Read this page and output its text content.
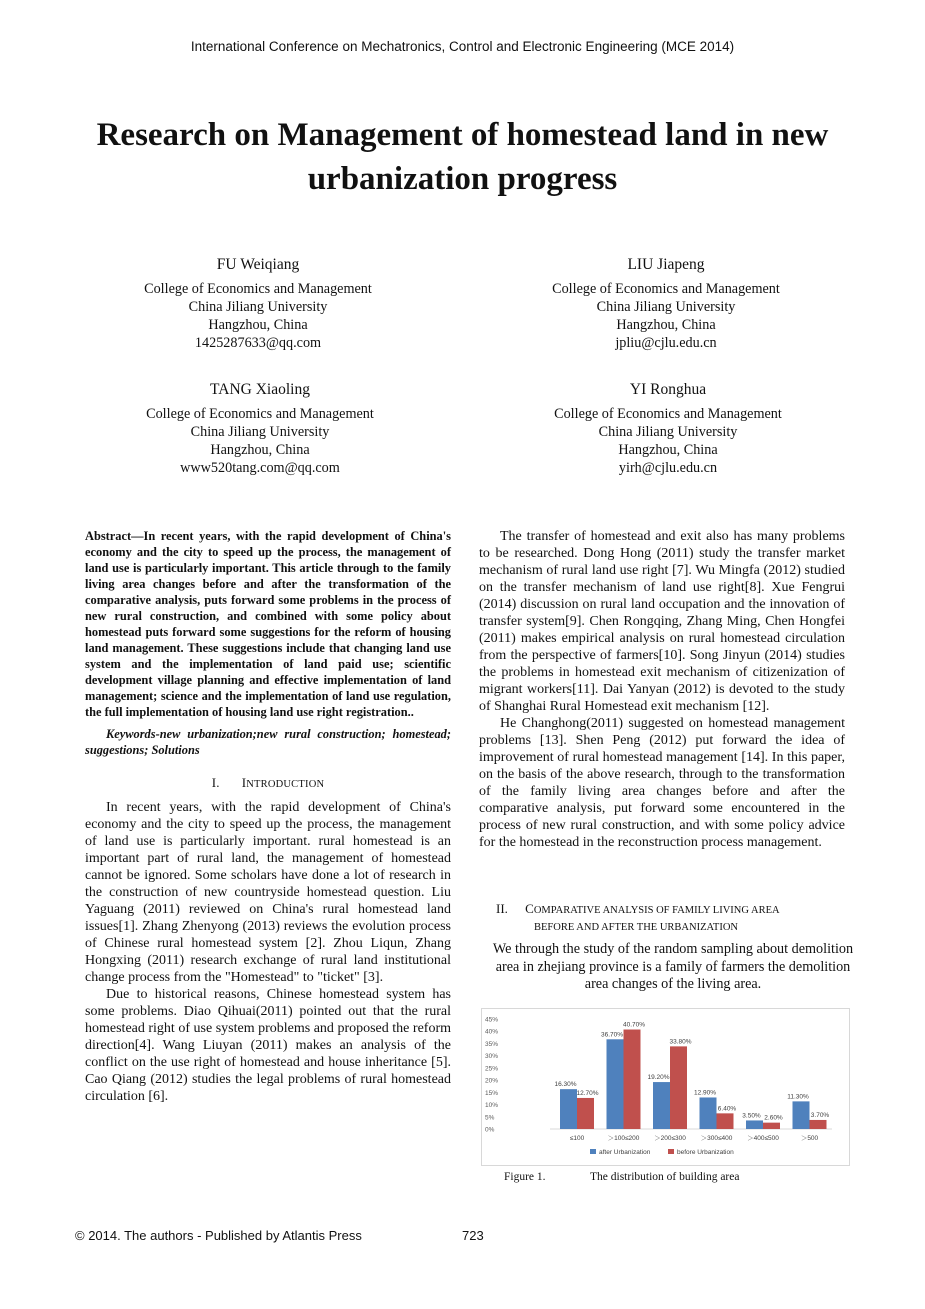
International Conference on Mechatronics, Control and Electronic Engineering (MCE 2014)
Research on Management of homestead land in new urbanization progress
FU Weiqiang
College of Economics and Management
China Jiliang University
Hangzhou, China
1425287633@qq.com
LIU Jiapeng
College of Economics and Management
China Jiliang University
Hangzhou, China
jpliu@cjlu.edu.cn
TANG Xiaoling
College of Economics and Management
China Jiliang University
Hangzhou, China
www520tang.com@qq.com
YI Ronghua
College of Economics and Management
China Jiliang University
Hangzhou, China
yirh@cjlu.edu.cn

Abstract—In recent years, with the rapid development of China's economy and the city to speed up the process, the management of land use is particularly important. This article through to the family living area changes before and after the transformation of the comparative analysis, puts forward some problems in the process of new rural construction, and combined with some policy about homestead puts forward some suggestions for the reform of housing land management. These suggestions include that changing land use system and the implementation of land paid use; scientific development village planning and effective implementation of land management; science and the implementation of land use regulation, the full implementation of housing land use right registration..

Keywords-new urbanization;new rural construction; homestead; suggestions; Solutions

I. INTRODUCTION

In recent years, with the rapid development of China's economy and the city to speed up the process, the management of land use is particularly important. rural homestead is an important part of rural land, the management of homestead cannot be ignored. Some scholars have done a lot of research in the construction of new countryside homestead question. Liu Yaguang (2011) reviewed on China's rural homestead land issues[1]. Zhang Zhenyong (2013) reviews the evolution process of Chinese rural homestead system [2]. Zhou Liqun, Zhang Hongxing (2011) research exchange of rural land institutional change process from the "Homestead" to "ticket" [3].

Due to historical reasons, Chinese homestead system has some problems. Diao Qihuai(2011) pointed out that the rural homestead right of use system problems and proposed the reform direction[4]. Wang Liuyan (2011) makes an analysis of the conflict on the use right of homestead and house inheritance [5]. Cao Qiang (2012) studies the legal problems of rural homestead circulation [6].

The transfer of homestead and exit also has many problems to be researched. Dong Hong (2011) study the transfer market mechanism of rural land use right [7]. Wu Mingfa (2012) studied on the transfer mechanism of land use right[8]. Xue Fengrui (2014) discussion on rural land occupation and the innovation of transfer system[9]. Chen Rongqing, Zhang Ming, Chen Hongfei (2011) makes empirical analysis on rural homestead circulation from the perspective of farmers[10]. Song Jinyun (2014) studies the problems in homestead exit mechanism of citizenization of migrant workers[11]. Dai Yanyan (2012) is devoted to the study of Shanghai Rural Homestead exit mechanism [12].

He Changhong(2011) suggested on homestead management problems [13]. Shen Peng (2012) put forward the idea of improvement of rural homestead management [14]. In this paper, on the basis of the above research, through to the transformation of the family living area changes before and after the comparative analysis, put forward some encountered in the process of new rural construction, and with some policy advice for the homestead in the reconstruction process management.

II. COMPARATIVE ANALYSIS OF FAMILY LIVING AREA
BEFORE AND AFTER THE URBANIZATION

We through the study of the random sampling about demolition area in zhejiang province is a family of farmers the demolition area changes of the living area.

0%
5%
10%
15%
20%
25%
30%
35%
40%
45%
16.30%
12.70%
≤100
36.70%
40.70%
＞100≤200
19.20%
33.80%
＞200≤300
12.90%
6.40%
＞300≤400
3.50% 2.60%
＞400≤500
11.30%
3.70%
＞500
after Urbanization	before Urbanization
Figure 1.	The distribution of building area
© 2014. The authors - Published by Atlantis Press	723
